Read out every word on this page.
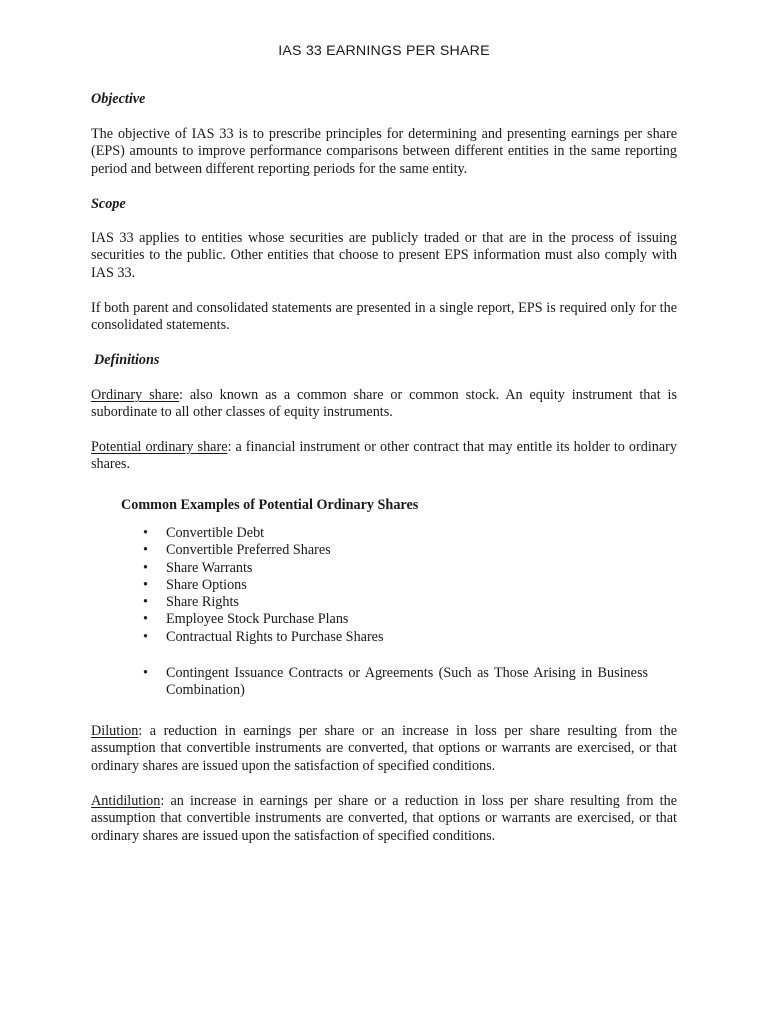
IAS 33 EARNINGS PER SHARE
Objective
The objective of IAS 33 is to prescribe principles for determining and presenting earnings per share (EPS) amounts to improve performance comparisons between different entities in the same reporting period and between different reporting periods for the same entity.
Scope
IAS 33 applies to entities whose securities are publicly traded or that are in the process of issuing securities to the public. Other entities that choose to present EPS information must also comply with IAS 33.
If both parent and consolidated statements are presented in a single report, EPS is required only for the consolidated statements.
Definitions
Ordinary share: also known as a common share or common stock. An equity instrument that is subordinate to all other classes of equity instruments.
Potential ordinary share: a financial instrument or other contract that may entitle its holder to ordinary shares.
Common Examples of Potential Ordinary Shares
• Convertible Debt
• Convertible Preferred Shares
• Share Warrants
• Share Options
• Share Rights
• Employee Stock Purchase Plans
• Contractual Rights to Purchase Shares
• Contingent Issuance Contracts or Agreements (Such as Those Arising in Business Combination)
Dilution: a reduction in earnings per share or an increase in loss per share resulting from the assumption that convertible instruments are converted, that options or warrants are exercised, or that ordinary shares are issued upon the satisfaction of specified conditions.
Antidilution: an increase in earnings per share or a reduction in loss per share resulting from the assumption that convertible instruments are converted, that options or warrants are exercised, or that ordinary shares are issued upon the satisfaction of specified conditions.
